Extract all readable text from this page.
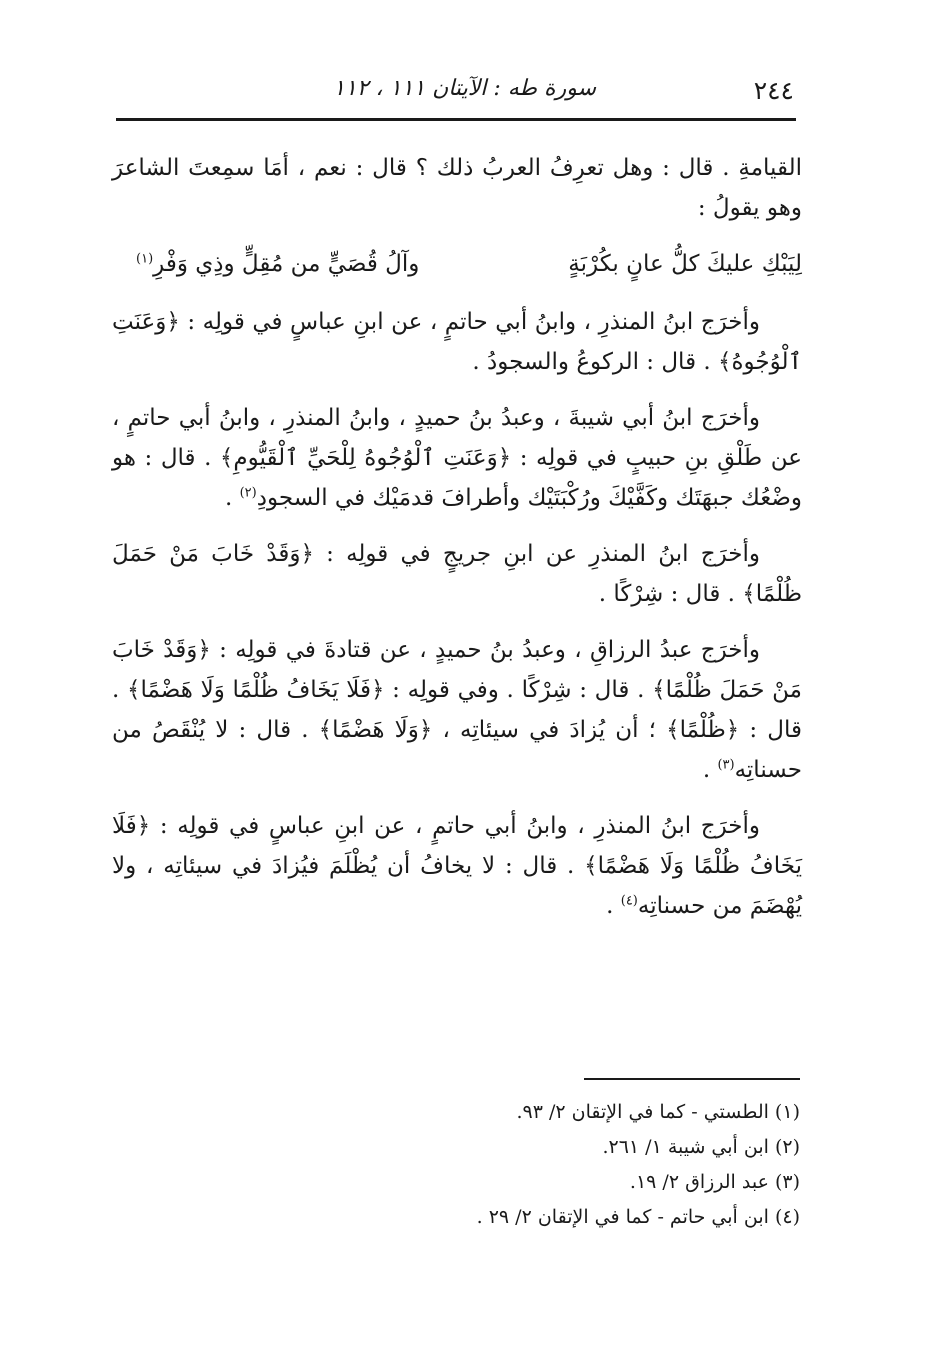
٢٤٤
سورة طه : الآيتان ١١١ ، ١١٢

القيامةِ . قال : وهل تعرِفُ العربُ ذلك ؟ قال : نعم ، أمَا سمِعتَ الشاعرَ وهو يقولُ :

لِيَبْكِ عليكَ كلُّ عانٍ بكُرْبَةٍ
وآلُ قُصَيٍّ من مُقِلٍّ وذِي وَفْرِ$^{(١)}$

وأخرَج ابنُ المنذرِ ، وابنُ أبي حاتمٍ ، عن ابنِ عباسٍ في قولِه : ﴿وَعَنَتِ ٱلْوُجُوهُ﴾ . قال : الركوعُ والسجودُ .

وأخرَج ابنُ أبي شيبةَ ، وعبدُ بنُ حميدٍ ، وابنُ المنذرِ ، وابنُ أبي حاتمٍ ، عن طَلْقِ بنِ حبيبٍ في قولِه : ﴿وَعَنَتِ ٱلْوُجُوهُ لِلْحَيِّ ٱلْقَيُّومِ﴾ . قال : هو وضْعُك جبهَتَك وكَفَّيْكَ ورُكْبَتَيْك وأطرافَ قدمَيْك في السجودِ$^{(٢)}$ .

وأخرَج ابنُ المنذرِ عن ابنِ جريجٍ في قولِه : ﴿وَقَدْ خَابَ مَنْ حَمَلَ ظُلْمًا﴾ . قال : شِرْكًا .

وأخرَج عبدُ الرزاقِ ، وعبدُ بنُ حميدٍ ، عن قتادةَ في قولِه : ﴿وَقَدْ خَابَ مَنْ حَمَلَ ظُلْمًا﴾ . قال : شِرْكًا . وفي قولِه : ﴿فَلَا يَخَافُ ظُلْمًا وَلَا هَضْمًا﴾ . قال : ﴿ظُلْمًا﴾ ؛ أن يُزادَ في سيئاتِه ، ﴿وَلَا هَضْمًا﴾ . قال : لا يُنْقَصُ من حسناتِه$^{(٣)}$ .

وأخرَج ابنُ المنذرِ ، وابنُ أبي حاتمٍ ، عن ابنِ عباسٍ في قولِه : ﴿فَلَا يَخَافُ ظُلْمًا وَلَا هَضْمًا﴾ . قال : لا يخافُ أن يُظْلَمَ فيُزادَ في سيئاتِه ، ولا يُهْضَمَ من حسناتِه$^{(٤)}$ .

(١) الطستي - كما في الإتقان ٢/ ٩٣.

(٢) ابن أبي شيبة ١/ ٢٦١.

(٣) عبد الرزاق ٢/ ١٩.

(٤) ابن أبي حاتم - كما في الإتقان ٢/ ٢٩ .
